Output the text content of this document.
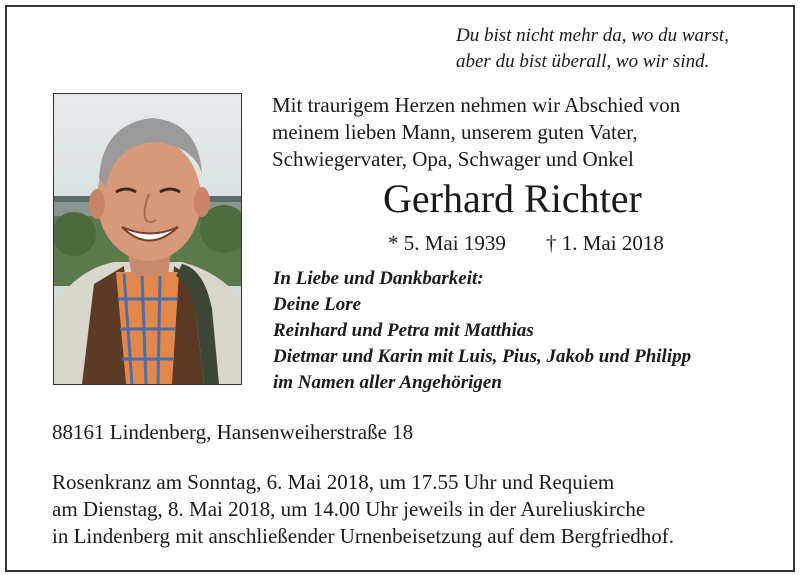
Du bist nicht mehr da, wo du warst,
aber du bist überall, wo wir sind.
Mit traurigem Herzen nehmen wir Abschied von
meinem lieben Mann, unserem guten Vater,
Schwiegervater, Opa, Schwager und Onkel
Gerhard Richter
* 5. Mai 1939 † 1. Mai 2018
In Liebe und Dankbarkeit:
Deine Lore
Reinhard und Petra mit Matthias
Dietmar und Karin mit Luis, Pius, Jakob und Philipp
im Namen aller Angehörigen
88161 Lindenberg, Hansenweiherstraße 18
Rosenkranz am Sonntag, 6. Mai 2018, um 17.55 Uhr und Requiem
am Dienstag, 8. Mai 2018, um 14.00 Uhr jeweils in der Aureliuskirche
in Lindenberg mit anschließender Urnenbeisetzung auf dem Bergfriedhof.
